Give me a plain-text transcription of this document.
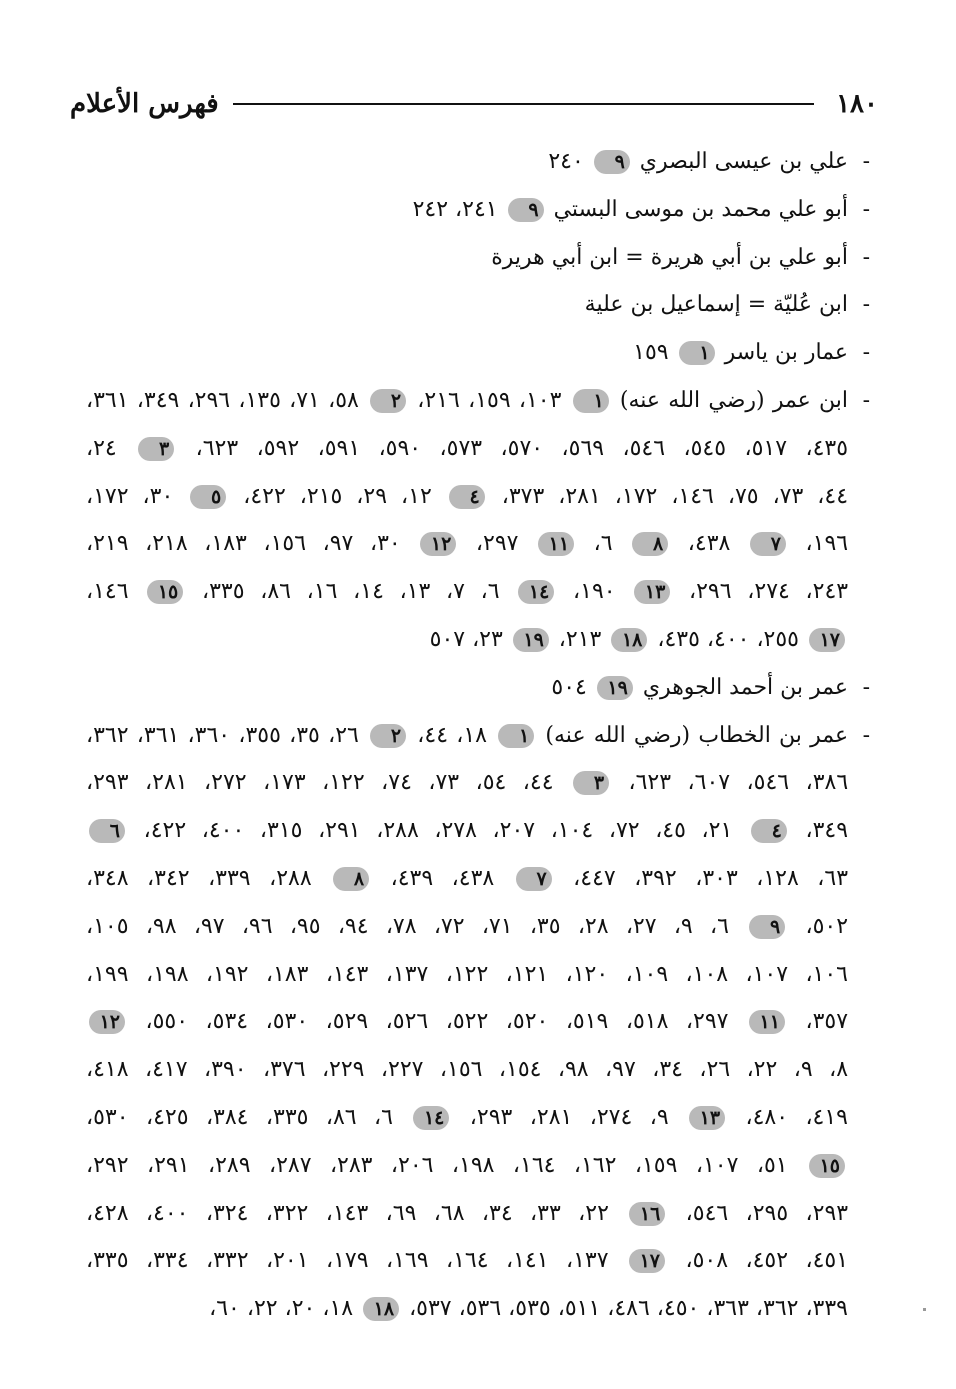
١٨٠
فهرس الأعلام
-
علي بن عيسى البصري ٩ ٢٤٠
-
أبو علي محمد بن موسى البستي ٩ ٢٤١، ٢٤٢
-
أبو علي بن أبي هريرة = ابن أبي هريرة
-
ابن عُليّة = إسماعيل بن علية
-
عمار بن ياسر ١ ١٥٩
-
ابن عمر (رضي الله عنه) ١ ١٠٣، ١٥٩، ٢١٦، ٢ ٥٨، ٧١، ١٣٥، ٢٩٦، ٣٤٩، ٣٦١،
٤٣٥، ٥١٧، ٥٤٥، ٥٤٦، ٥٦٩، ٥٧٠، ٥٧٣، ٥٩٠، ٥٩١، ٥٩٢، ٦٢٣، ٣ ٢٤،
٤٤، ٧٣، ٧٥، ١٤٦، ١٧٢، ٢٨١، ٣٧٣، ٤ ١٢، ٢٩، ٢١٥، ٤٢٢، ٥ ٣٠، ١٧٢،
١٩٦، ٧ ٤٣٨، ٨ ٦، ١١ ٢٩٧، ١٢ ٣٠، ٩٧، ١٥٦، ١٨٣، ٢١٨، ٢١٩،
٢٤٣، ٢٧٤، ٢٩٦، ١٣ ١٩٠، ١٤ ٦، ٧، ١٣، ١٤، ١٦، ٨٦، ٣٣٥، ١٥ ١٤٦،
١٧ ٢٥٥، ٤٠٠، ٤٣٥، ١٨ ٢١٣، ١٩ ٢٣، ٥٠٧
-
عمر بن أحمد الجوهري ١٩ ٥٠٤
-
عمر بن الخطاب (رضي الله عنه) ١ ١٨، ٤٤، ٢ ٢٦، ٣٥، ٣٥٥، ٣٦٠، ٣٦١، ٣٦٢،
٣٨٦، ٥٤٦، ٦٠٧، ٦٢٣، ٣ ٤٤، ٥٤، ٧٣، ٧٤، ١٢٢، ١٧٣، ٢٧٢، ٢٨١، ٢٩٣،
٣٤٩، ٤ ٢١، ٤٥، ٧٢، ١٠٤، ٢٠٧، ٢٧٨، ٢٨٨، ٢٩١، ٣١٥، ٤٠٠، ٤٢٢، ٦
٦٣، ١٢٨، ٣٠٣، ٣٩٢، ٤٤٧، ٧ ٤٣٨، ٤٣٩، ٨ ٢٨٨، ٣٣٩، ٣٤٢، ٣٤٨،
٥٠٢، ٩ ٦، ٩، ٢٧، ٢٨، ٣٥، ٧١، ٧٢، ٧٨، ٩٤، ٩٥، ٩٦، ٩٧، ٩٨، ١٠٥،
١٠٦، ١٠٧، ١٠٨، ١٠٩، ١٢٠، ١٢١، ١٢٢، ١٣٧، ١٤٣، ١٨٣، ١٩٢، ١٩٨، ١٩٩،
٣٥٧، ١١ ٢٩٧، ٥١٨، ٥١٩، ٥٢٠، ٥٢٢، ٥٢٦، ٥٢٩، ٥٣٠، ٥٣٤، ٥٥٠، ١٢
٨، ٩، ٢٢، ٢٦، ٣٤، ٩٧، ٩٨، ١٥٤، ١٥٦، ٢٢٧، ٢٢٩، ٣٧٦، ٣٩٠، ٤١٧، ٤١٨،
٤١٩، ٤٨٠، ١٣ ٩، ٢٧٤، ٢٨١، ٢٩٣، ١٤ ٦، ٨٦، ٣٣٥، ٣٨٤، ٤٢٥، ٥٣٠،
١٥ ٥١، ١٠٧، ١٥٩، ١٦٢، ١٦٤، ١٩٨، ٢٠٦، ٢٨٣، ٢٨٧، ٢٨٩، ٢٩١، ٢٩٢،
٢٩٣، ٢٩٥، ٥٤٦، ١٦ ٢٢، ٣٣، ٣٤، ٦٨، ٦٩، ١٤٣، ٣٢٢، ٣٢٤، ٤٠٠، ٤٢٨،
٤٥١، ٤٥٢، ٥٠٨، ١٧ ١٣٧، ١٤١، ١٦٤، ١٦٩، ١٧٩، ٢٠١، ٣٣٢، ٣٣٤، ٣٣٥،
٣٣٩، ٣٦٢، ٣٦٣، ٤٥٠، ٤٨٦، ٥١١، ٥٣٥، ٥٣٦، ٥٣٧، ١٨ ١٨، ٢٠، ٢٢، ٦٠،
